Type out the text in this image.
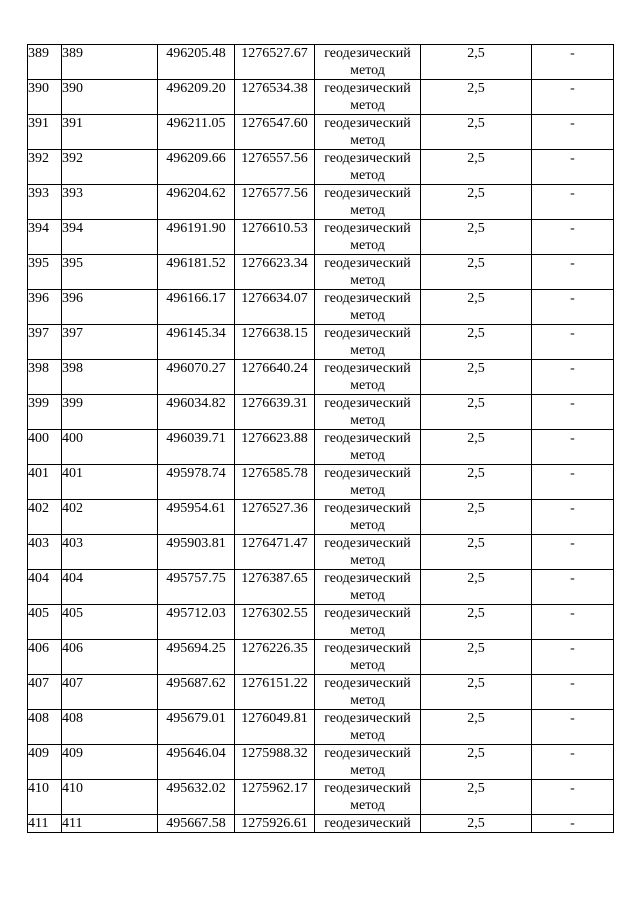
389	389	496205.48	1276527.67	геодезический метод	2,5	-
390	390	496209.20	1276534.38	геодезический метод	2,5	-
391	391	496211.05	1276547.60	геодезический метод	2,5	-
392	392	496209.66	1276557.56	геодезический метод	2,5	-
393	393	496204.62	1276577.56	геодезический метод	2,5	-
394	394	496191.90	1276610.53	геодезический метод	2,5	-
395	395	496181.52	1276623.34	геодезический метод	2,5	-
396	396	496166.17	1276634.07	геодезический метод	2,5	-
397	397	496145.34	1276638.15	геодезический метод	2,5	-
398	398	496070.27	1276640.24	геодезический метод	2,5	-
399	399	496034.82	1276639.31	геодезический метод	2,5	-
400	400	496039.71	1276623.88	геодезический метод	2,5	-
401	401	495978.74	1276585.78	геодезический метод	2,5	-
402	402	495954.61	1276527.36	геодезический метод	2,5	-
403	403	495903.81	1276471.47	геодезический метод	2,5	-
404	404	495757.75	1276387.65	геодезический метод	2,5	-
405	405	495712.03	1276302.55	геодезический метод	2,5	-
406	406	495694.25	1276226.35	геодезический метод	2,5	-
407	407	495687.62	1276151.22	геодезический метод	2,5	-
408	408	495679.01	1276049.81	геодезический метод	2,5	-
409	409	495646.04	1275988.32	геодезический метод	2,5	-
410	410	495632.02	1275962.17	геодезический метод	2,5	-
411	411	495667.58	1275926.61	геодезический	2,5	-
